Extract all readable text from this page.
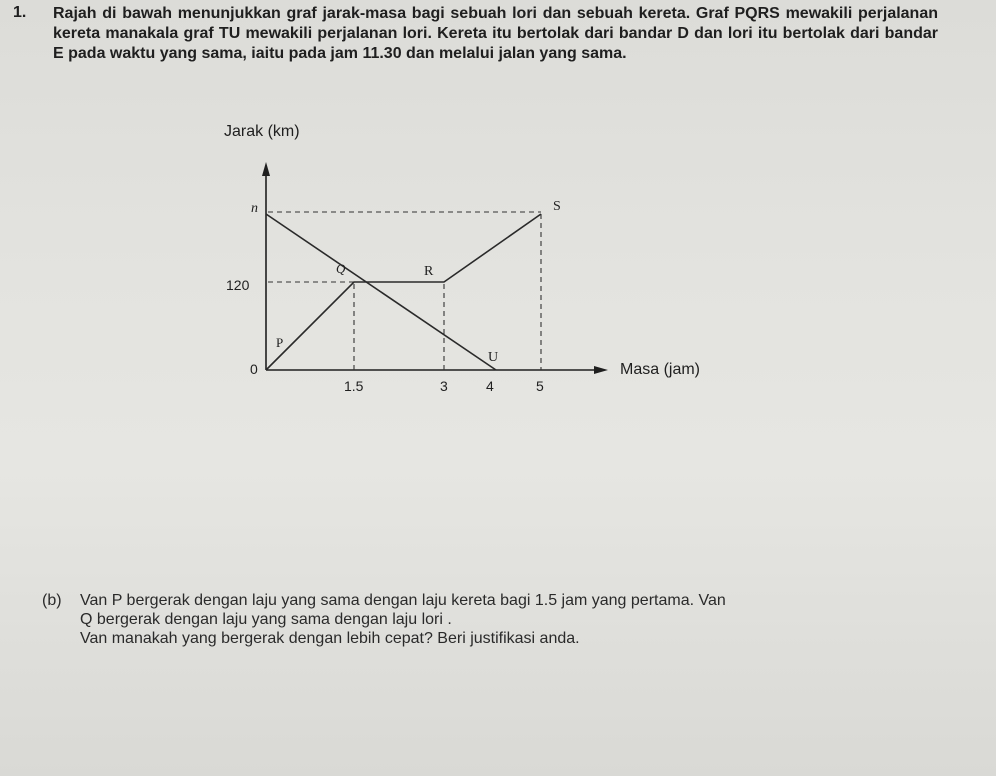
1. Rajah di bawah menunjukkan graf jarak-masa bagi sebuah lori dan sebuah kereta. Graf PQRS mewakili perjalanan kereta manakala graf TU mewakili perjalanan lori. Kereta itu bertolak dari bandar D dan lori itu bertolak dari bandar E pada waktu yang sama, iaitu pada jam 11.30 dan melalui jalan yang sama.

Jarak (km)
Masa (jam)
P
Q	R
S
U
0
120
n
1.5	3	4	5
(b) Van P bergerak dengan laju yang sama dengan laju kereta bagi 1.5 jam yang pertama. Van
Q bergerak dengan laju yang sama dengan laju lori .
Van manakah yang bergerak dengan lebih cepat? Beri justifikasi anda.
